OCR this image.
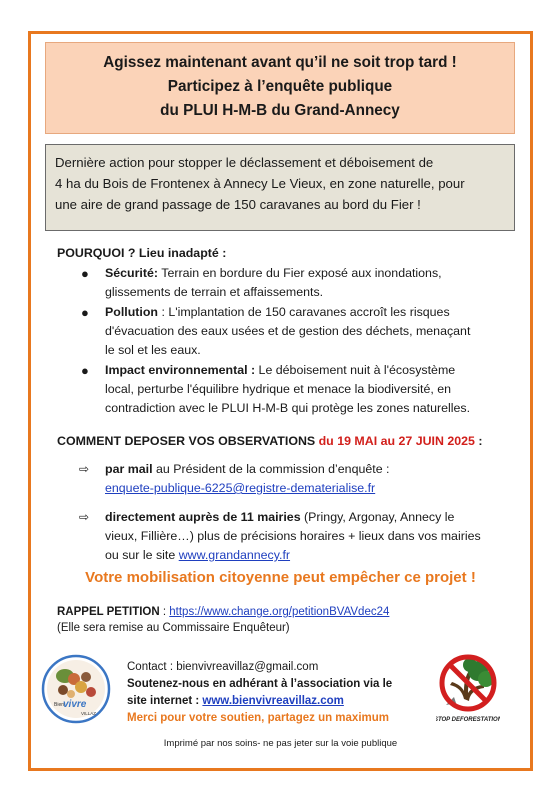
Agissez maintenant avant qu’il ne soit trop tard !
Participez à l’enquête publique
du PLUI H-M-B du Grand-Annecy
Dernière action pour stopper le déclassement et déboisement de
4 ha du Bois de Frontenex à Annecy Le Vieux, en zone naturelle, pour
une aire de grand passage de 150 caravanes au bord du Fier !
POURQUOI ? Lieu inadapté :
● Sécurité: Terrain en bordure du Fier exposé aux inondations,
glissements de terrain et affaissements.
● Pollution : L'implantation de 150 caravanes accroît les risques
d'évacuation des eaux usées et de gestion des déchets, menaçant
le sol et les eaux.
● Impact environnemental : Le déboisement nuit à l'écosystème
local, perturbe l'équilibre hydrique et menace la biodiversité, en
contradiction avec le PLUI H-M-B qui protège les zones naturelles.
COMMENT DEPOSER VOS OBSERVATIONS du 19 MAI au 27 JUIN 2025 :
⇨ par mail au Président de la commission d’enquête :
enquete-publique-6225@registre-dematerialise.fr
⇨ directement auprès de 11 mairies (Pringy, Argonay, Annecy le
vieux, Fillière…) plus de précisions horaires + lieux dans vos mairies
ou sur le site www.grandannecy.fr
Votre mobilisation citoyenne peut empêcher ce projet !
RAPPEL PETITION : https://www.change.org/petitionBVAVdec24
(Elle sera remise au Commissaire Enquêteur)
Bien
vivre
VILLAZ
Contact : bienvivreavillaz@gmail.com
Soutenez-nous en adhérant à l’association via le
site internet : www.bienvivreavillaz.com
Merci pour votre soutien, partagez un maximum	STOP DEFORESTATION
Imprimé par nos soins- ne pas jeter sur la voie publique
